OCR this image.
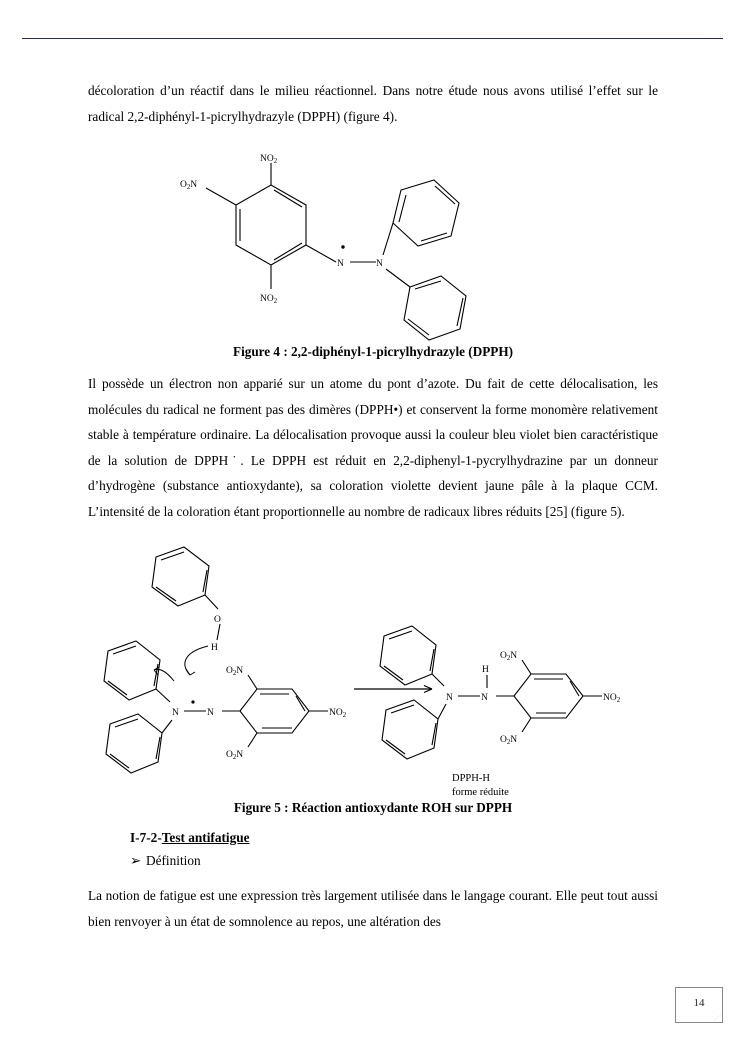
décoloration d’un réactif dans le milieu réactionnel. Dans notre étude nous avons utilisé l’effet sur le radical 2,2-diphényl-1-picrylhydrazyle (DPPH) (figure 4).

$O_2N$
$NO_2$
$NO_2$
N	N

Figure 4 : 2,2-diphényl-1-picrylhydrazyle (DPPH)

Il possède un électron non apparié sur un atome du pont d’azote. Du fait de cette délocalisation, les molécules du radical ne forment pas des dimères (DPPH•) et conservent la forme monomère relativement stable à température ordinaire. La délocalisation provoque aussi la couleur bleu violet bien caractéristique de la solution de DPPH˙. Le DPPH est réduit en 2,2-diphenyl-1-pycrylhydrazine par un donneur d’hydrogène (substance antioxydante), sa coloration violette devient jaune pâle à la plaque CCM. L’intensité de la coloration étant proportionnelle au nombre de radicaux libres réduits [25] (figure 5).

O
H
N	N
$O_2N$
$O_2N$
$NO_2$
N	N
H
$O_2N$
$O_2N$
$NO_2$
DPPH-H
forme réduite

Figure 5 : Réaction antioxydante ROH sur DPPH

I-7-2-Test antifatigue

➢ Définition

La notion de fatigue est une expression très largement utilisée dans le langage courant. Elle peut tout aussi bien renvoyer à un état de somnolence au repos, une altération des

14
